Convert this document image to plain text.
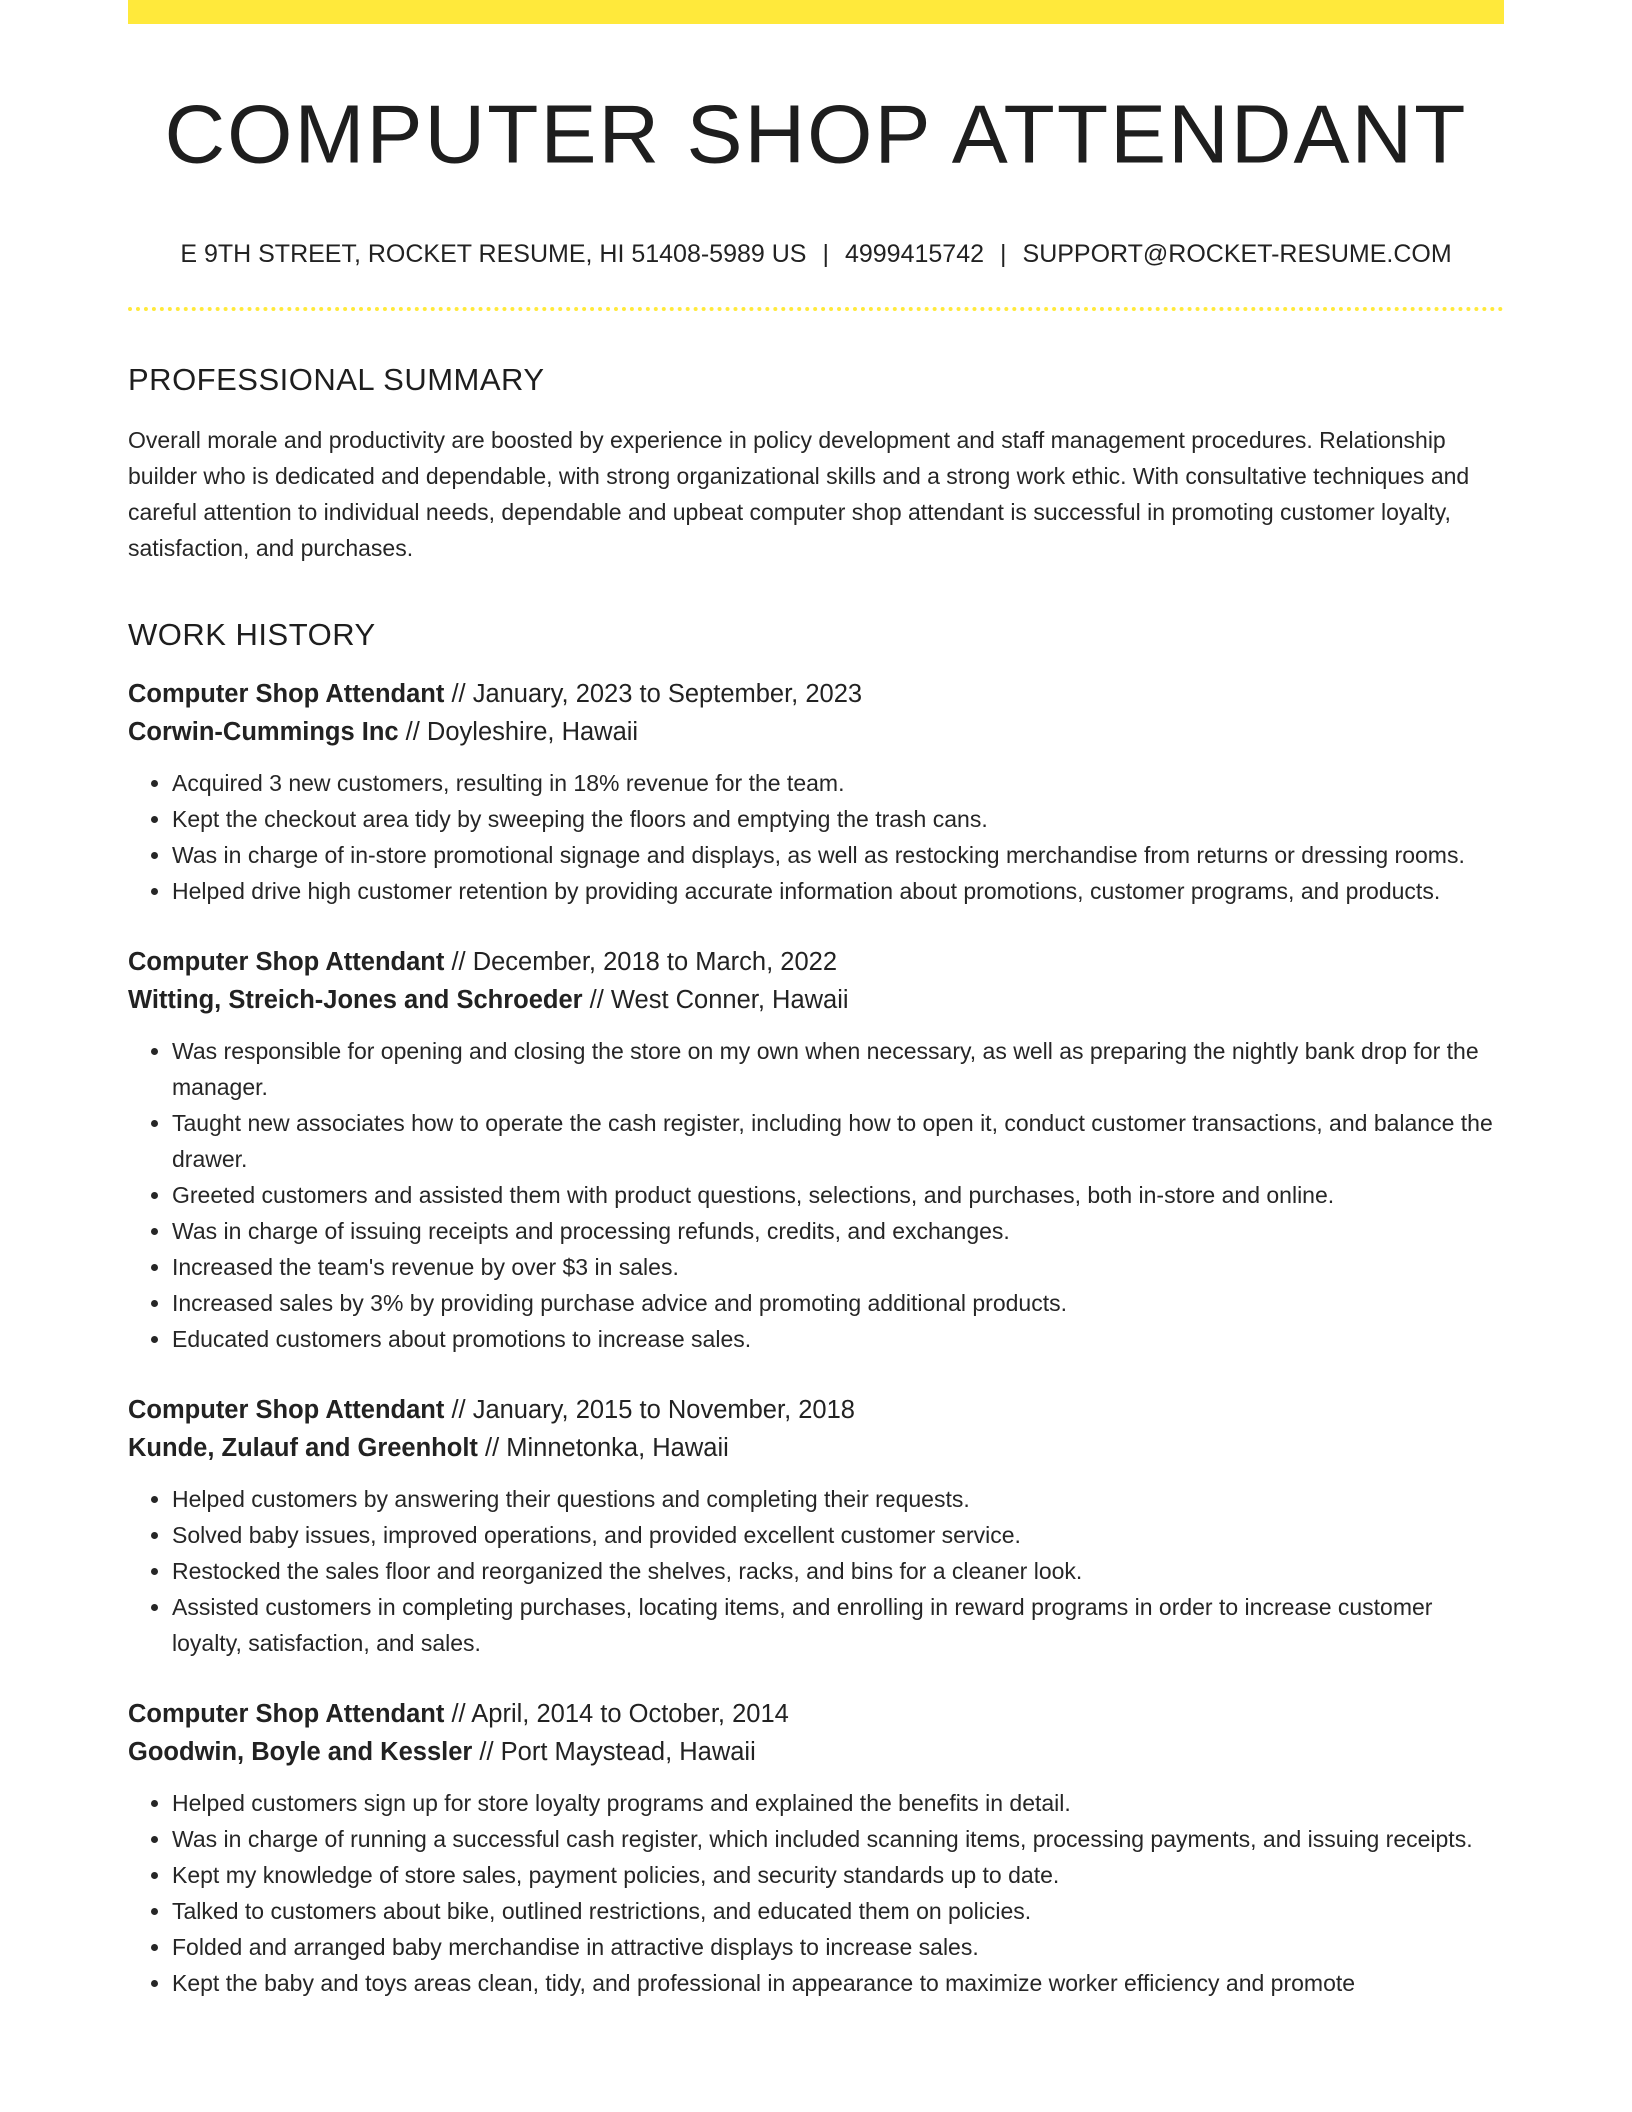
COMPUTER SHOP ATTENDANT
E 9TH STREET, ROCKET RESUME, HI 51408-5989 US | 4999415742 | SUPPORT@ROCKET-RESUME.COM
PROFESSIONAL SUMMARY
Overall morale and productivity are boosted by experience in policy development and staff management procedures. Relationship builder who is dedicated and dependable, with strong organizational skills and a strong work ethic. With consultative techniques and careful attention to individual needs, dependable and upbeat computer shop attendant is successful in promoting customer loyalty, satisfaction, and purchases.
WORK HISTORY
Computer Shop Attendant // January, 2023 to September, 2023
Corwin-Cummings Inc // Doyleshire, Hawaii
• Acquired 3 new customers, resulting in 18% revenue for the team.
• Kept the checkout area tidy by sweeping the floors and emptying the trash cans.
• Was in charge of in-store promotional signage and displays, as well as restocking merchandise from returns or dressing rooms.
• Helped drive high customer retention by providing accurate information about promotions, customer programs, and products.
Computer Shop Attendant // December, 2018 to March, 2022
Witting, Streich-Jones and Schroeder // West Conner, Hawaii
• Was responsible for opening and closing the store on my own when necessary, as well as preparing the nightly bank drop for the manager.
• Taught new associates how to operate the cash register, including how to open it, conduct customer transactions, and balance the drawer.
• Greeted customers and assisted them with product questions, selections, and purchases, both in-store and online.
• Was in charge of issuing receipts and processing refunds, credits, and exchanges.
• Increased the team's revenue by over $3 in sales.
• Increased sales by 3% by providing purchase advice and promoting additional products.
• Educated customers about promotions to increase sales.
Computer Shop Attendant // January, 2015 to November, 2018
Kunde, Zulauf and Greenholt // Minnetonka, Hawaii
• Helped customers by answering their questions and completing their requests.
• Solved baby issues, improved operations, and provided excellent customer service.
• Restocked the sales floor and reorganized the shelves, racks, and bins for a cleaner look.
• Assisted customers in completing purchases, locating items, and enrolling in reward programs in order to increase customer loyalty, satisfaction, and sales.
Computer Shop Attendant // April, 2014 to October, 2014
Goodwin, Boyle and Kessler // Port Maystead, Hawaii
• Helped customers sign up for store loyalty programs and explained the benefits in detail.
• Was in charge of running a successful cash register, which included scanning items, processing payments, and issuing receipts.
• Kept my knowledge of store sales, payment policies, and security standards up to date.
• Talked to customers about bike, outlined restrictions, and educated them on policies.
• Folded and arranged baby merchandise in attractive displays to increase sales.
• Kept the baby and toys areas clean, tidy, and professional in appearance to maximize worker efficiency and promote
